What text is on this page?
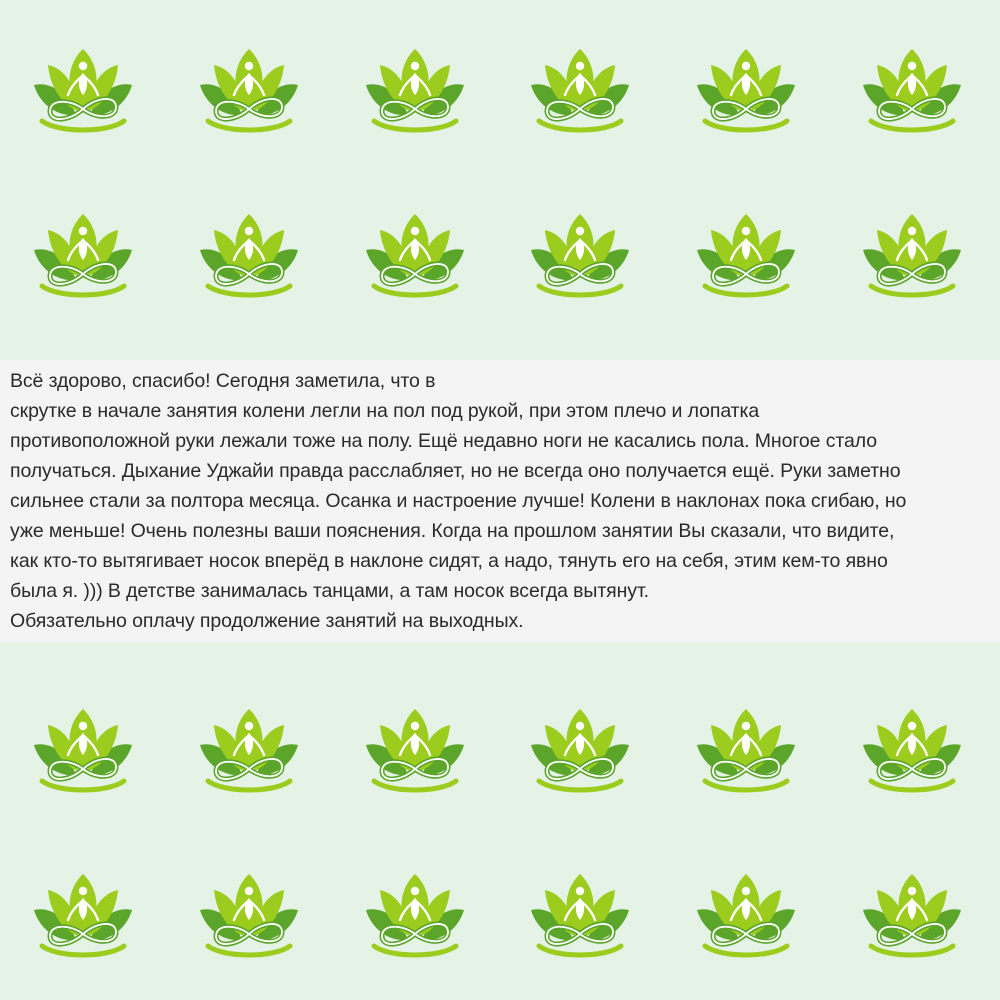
Всё здорово, спасибо! Сегодня заметила, что в
скрутке в начале занятия колени легли на пол под рукой, при этом плечо и лопатка
противоположной руки лежали тоже на полу. Ещё недавно ноги не касались пола. Многое стало
получаться. Дыхание Уджайи правда расслабляет, но не всегда оно получается ещё. Руки заметно
сильнее стали за полтора месяца. Осанка и настроение лучше! Колени в наклонах пока сгибаю, но
уже меньше! Очень полезны ваши пояснения. Когда на прошлом занятии Вы сказали, что видите,
как кто-то вытягивает носок вперёд в наклоне сидят, а надо, тянуть его на себя, этим кем-то явно
была я. ))) В детстве занималась танцами, а там носок всегда вытянут.
Обязательно оплачу продолжение занятий на выходных.
